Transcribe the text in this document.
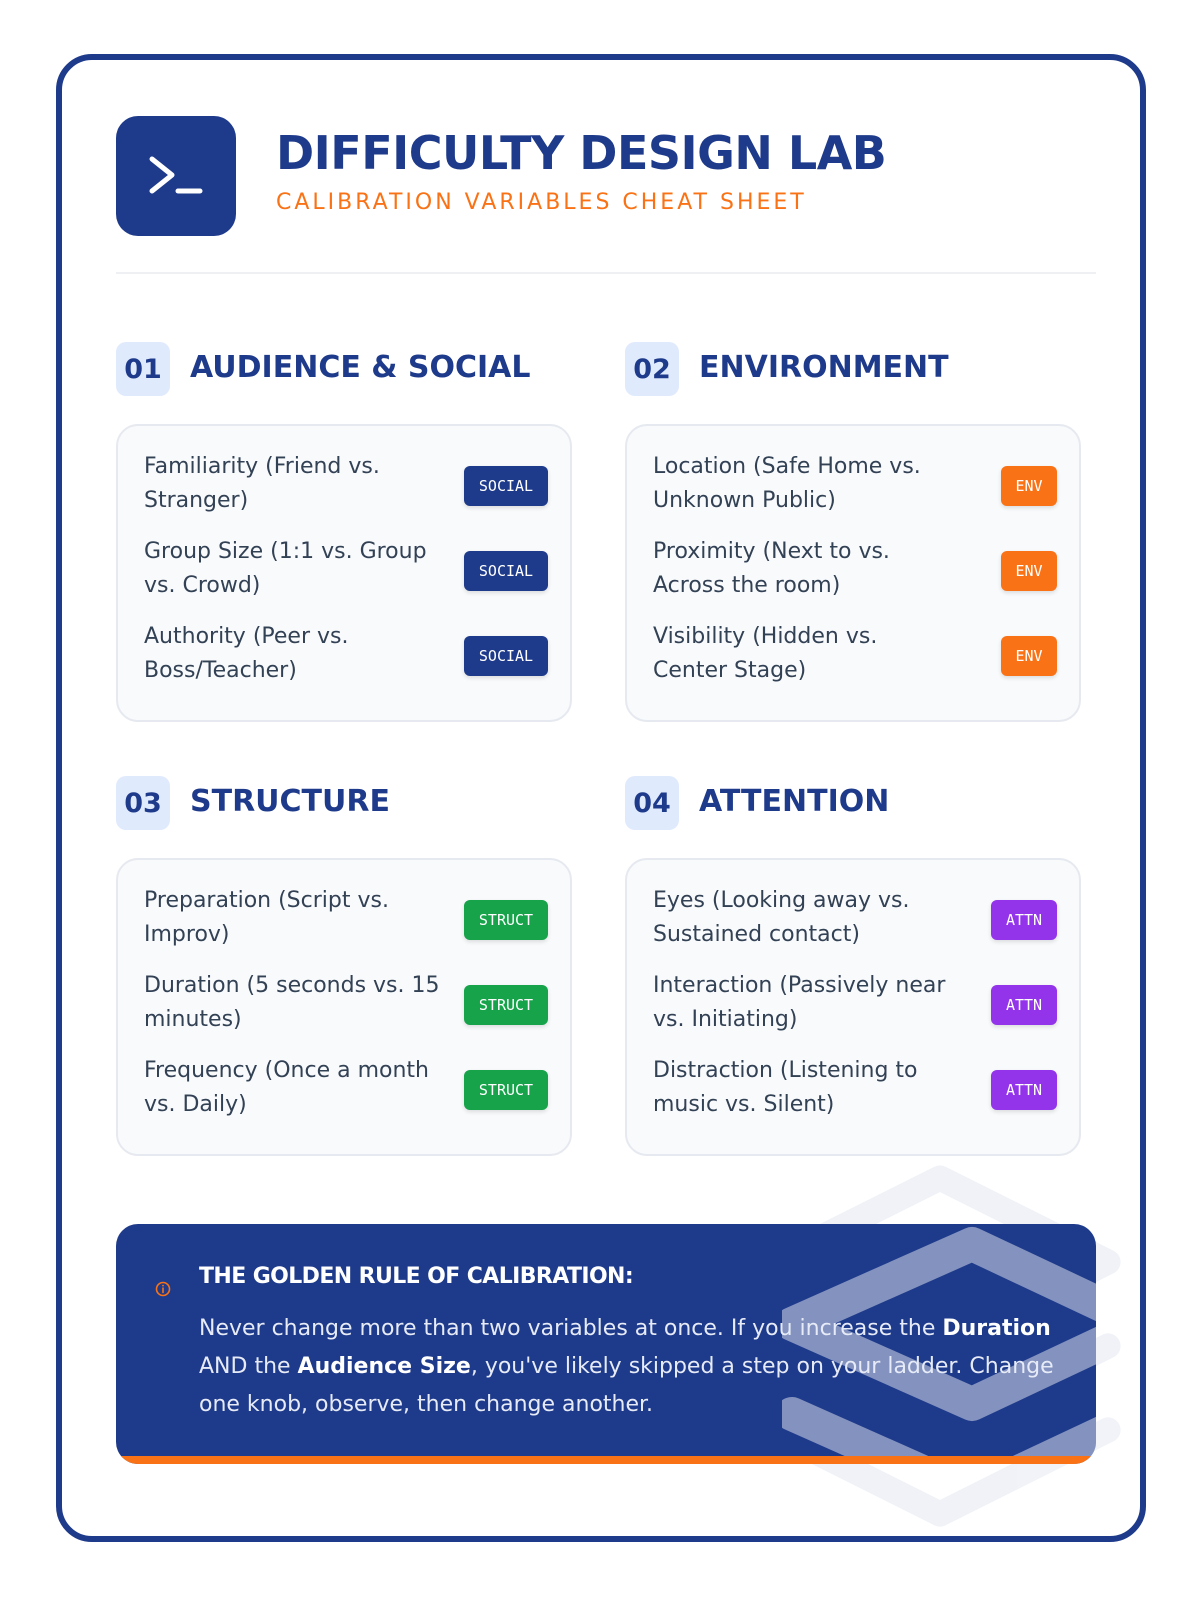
DIFFICULTY DESIGN LAB
CALIBRATION VARIABLES CHEAT SHEET
01 AUDIENCE & SOCIAL
Familiarity (Friend vs. Stranger)
SOCIAL
Group Size (1:1 vs. Group vs. Crowd)
SOCIAL
Authority (Peer vs. Boss/Teacher)
SOCIAL
02 ENVIRONMENT
Location (Safe Home vs. Unknown Public)
ENV
Proximity (Next to vs. Across the room)
ENV
Visibility (Hidden vs. Center Stage)
ENV
03 STRUCTURE
Preparation (Script vs. Improv)
STRUCT
Duration (5 seconds vs. 15 minutes)
STRUCT
Frequency (Once a month vs. Daily)
STRUCT
04 ATTENTION
Eyes (Looking away vs. Sustained contact)
ATTN
Interaction (Passively near vs. Initiating)
ATTN
Distraction (Listening to music vs. Silent)
ATTN
THE GOLDEN RULE OF CALIBRATION:
Never change more than two variables at once. If you increase the Duration AND the Audience Size, you've likely skipped a step on your ladder. Change one knob, observe, then change another.
